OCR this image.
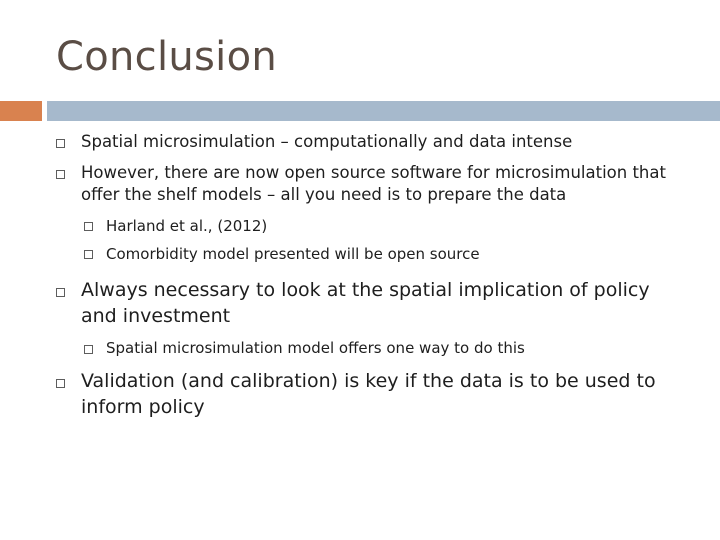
Conclusion
Spatial microsimulation – computationally and data intense
However, there are now open source software for microsimulation that offer the shelf models – all you need is to prepare the data
Harland et al., (2012)
Comorbidity model presented will be open source
Always necessary to look at the spatial implication of policy and investment
Spatial microsimulation model offers one way to do this
Validation (and calibration) is key if the data is to be used to inform policy
